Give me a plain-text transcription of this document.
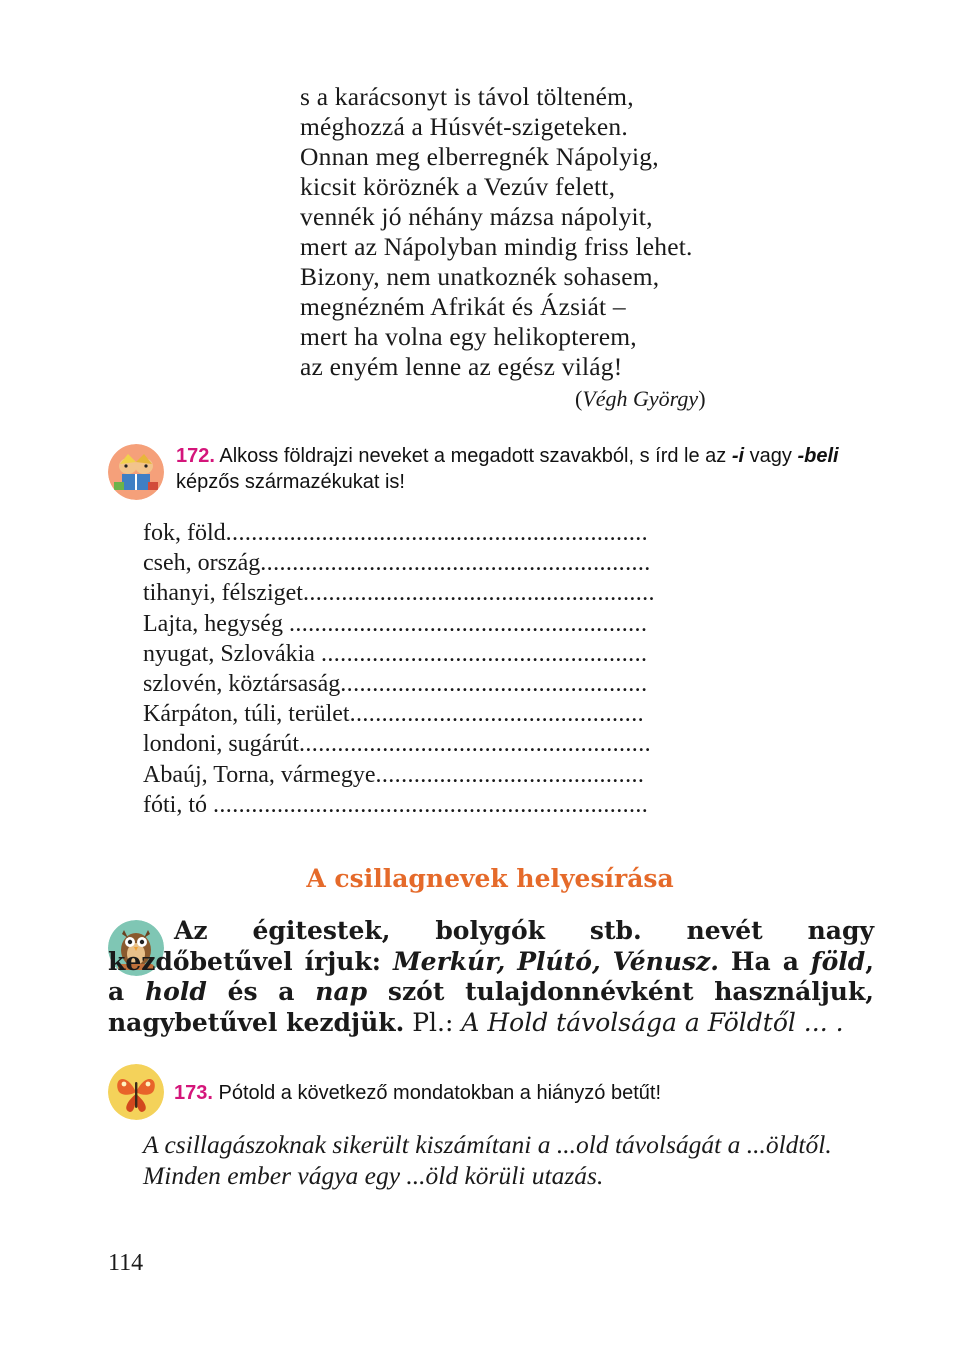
s a karácsonyt is távol tölteném,
méghozzá a Húsvét-szigeteken.
Onnan meg elberregnék Nápolyig,
kicsit köröznék a Vezúv felett,
vennék jó néhány mázsa nápolyit,
mert az Nápolyban mindig friss lehet.
Bizony, nem unatkoznék sohasem,
megnézném Afrikát és Ázsiát –
mert ha volna egy helikopterem,
az enyém lenne az egész világ!
(Végh György)
172. Alkoss földrajzi neveket a megadott szavakból, s írd le az -i vagy -beli képzős származékukat is!
fok, föld..................................................................
cseh, ország.............................................................
tihanyi, félsziget.......................................................
Lajta, hegység ........................................................
nyugat, Szlovákia ...................................................
szlovén, köztársaság................................................
Kárpáton, túli, terület..............................................
londoni, sugárút.......................................................
Abaúj, Torna, vármegye..........................................
fóti, tó ....................................................................
A csillagnevek helyesírása
Az égitestek, bolygók stb. nevét nagy kezdőbetűvel írjuk: Merkúr, Plútó, Vénusz. Ha a föld, a hold és a nap szót tulajdonnévként használjuk, nagybetűvel kezdjük. Pl.: A Hold távolsága a Földtől ... .
173. Pótold a következő mondatokban a hiányzó betűt!
A csillagászoknak sikerült kiszámítani a ...old távolságát a ...öldtől.
Minden ember vágya egy ...öld körüli utazás.
114
